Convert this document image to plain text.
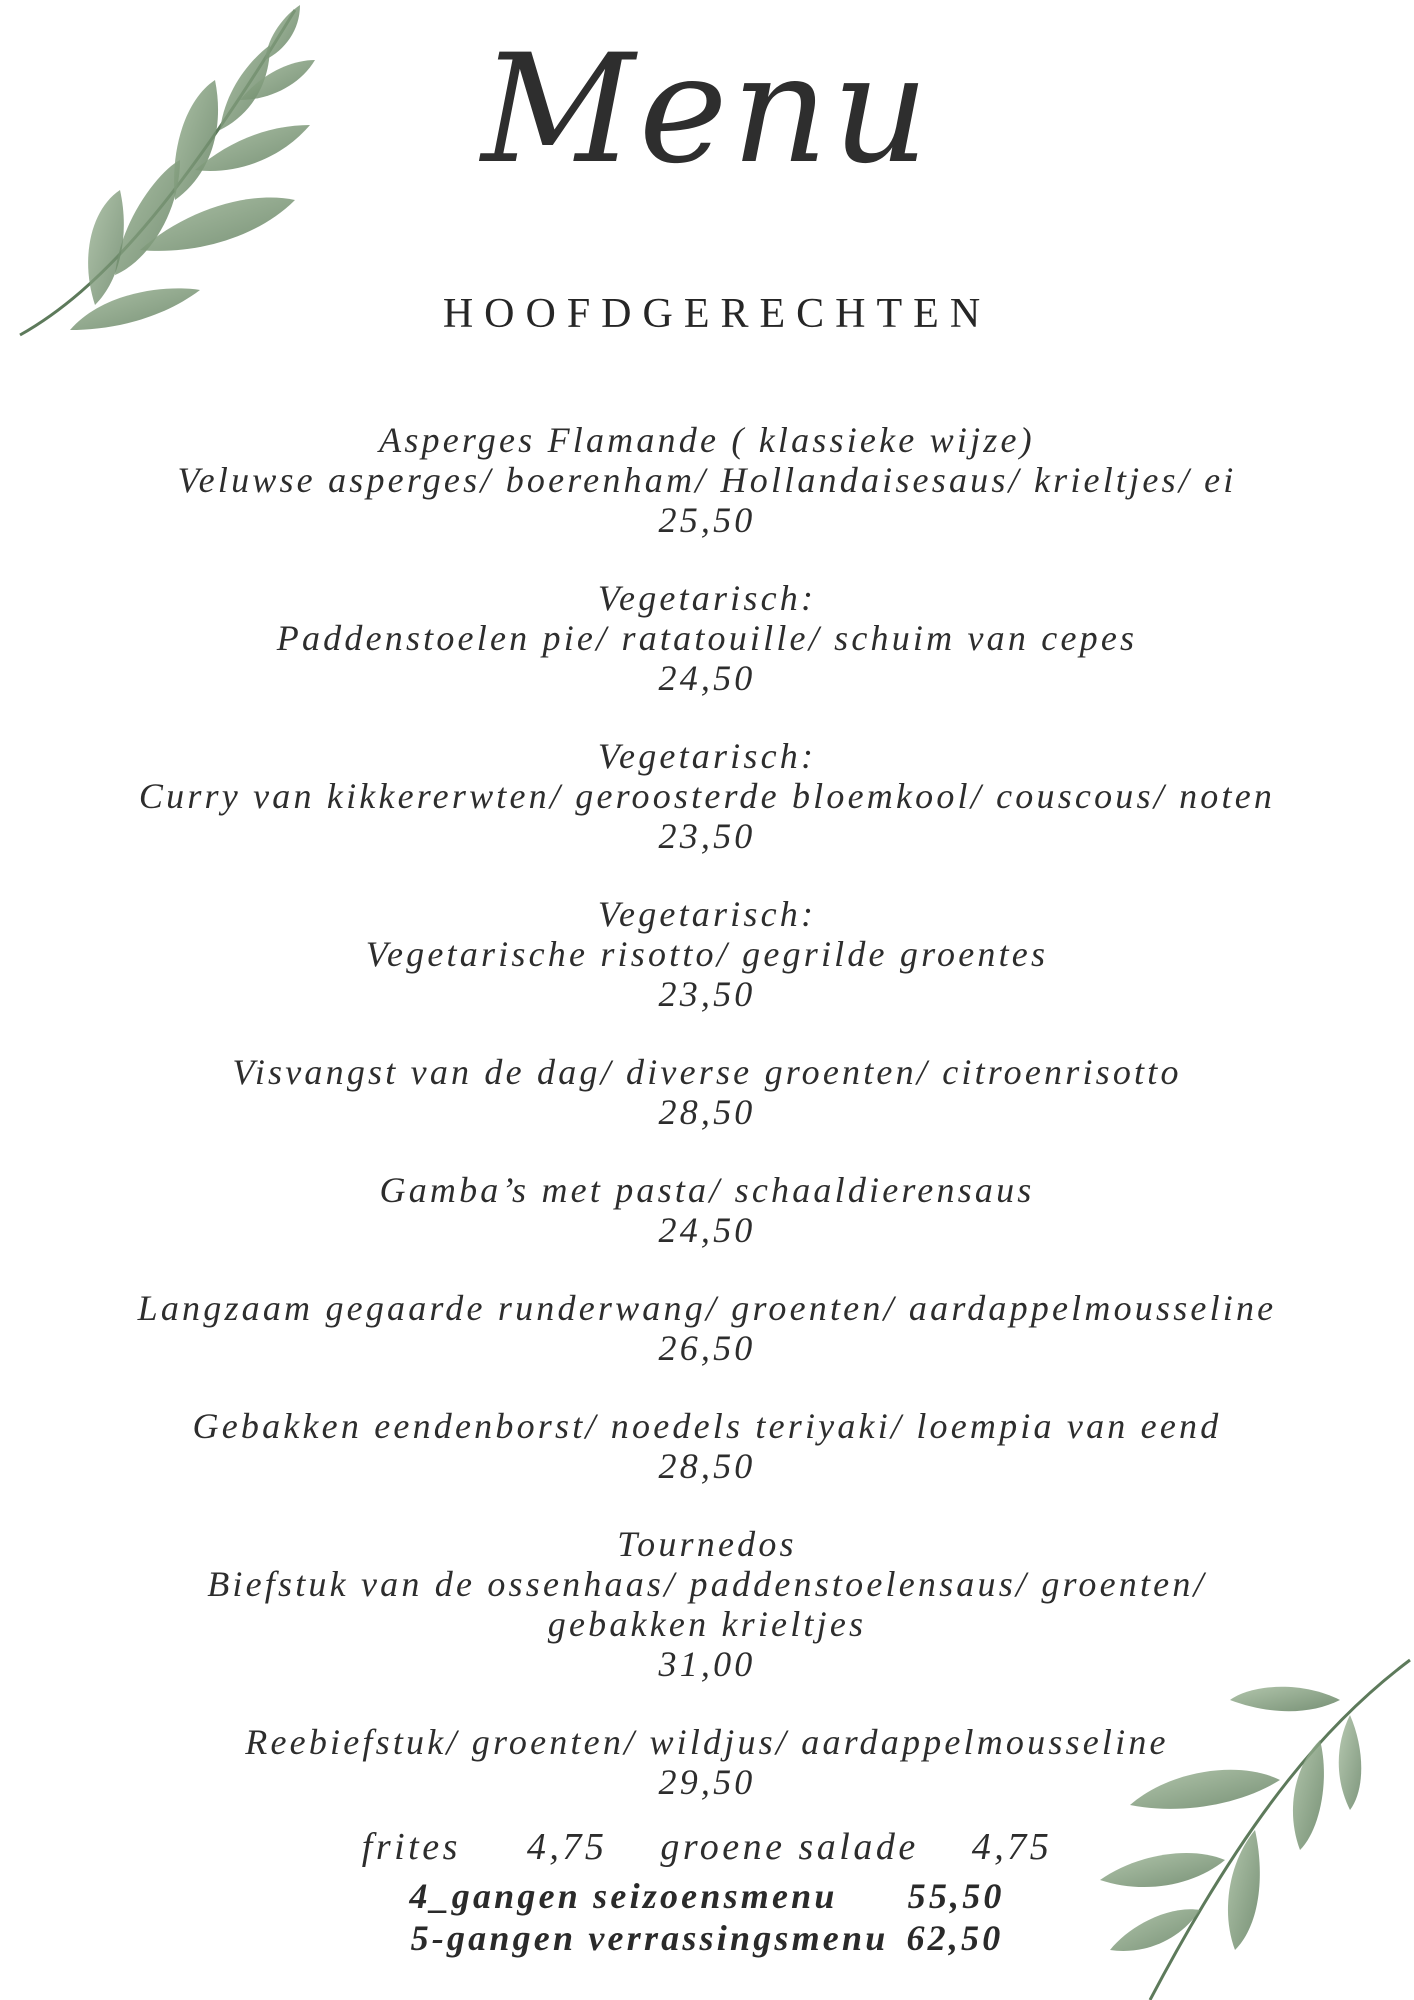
Menu
HOOFDGERECHTEN
Asperges Flamande ( klassieke wijze)
Veluwse asperges/ boerenham/ Hollandaisesaus/ krieltjes/ ei
25,50
Vegetarisch:
Paddenstoelen pie/ ratatouille/ schuim van cepes
24,50
Vegetarisch:
Curry van kikkererwten/ geroosterde bloemkool/ couscous/ noten
23,50
Vegetarisch:
Vegetarische risotto/ gegrilde groentes
23,50
Visvangst van de dag/ diverse groenten/ citroenrisotto
28,50
Gamba’s met pasta/ schaaldierensaus
24,50
Langzaam gegaarde runderwang/ groenten/ aardappelmousseline
26,50
Gebakken eendenborst/ noedels teriyaki/ loempia van eend
28,50
Tournedos
Biefstuk van de ossenhaas/ paddenstoelensaus/ groenten/
gebakken krieltjes
31,00
Reebiefstuk/ groenten/ wildjus/ aardappelmousseline
29,50
frites 4,75 groene salade 4,75
4_gangen seizoensmenu 55,50
5-gangen verrassingsmenu 62,50
